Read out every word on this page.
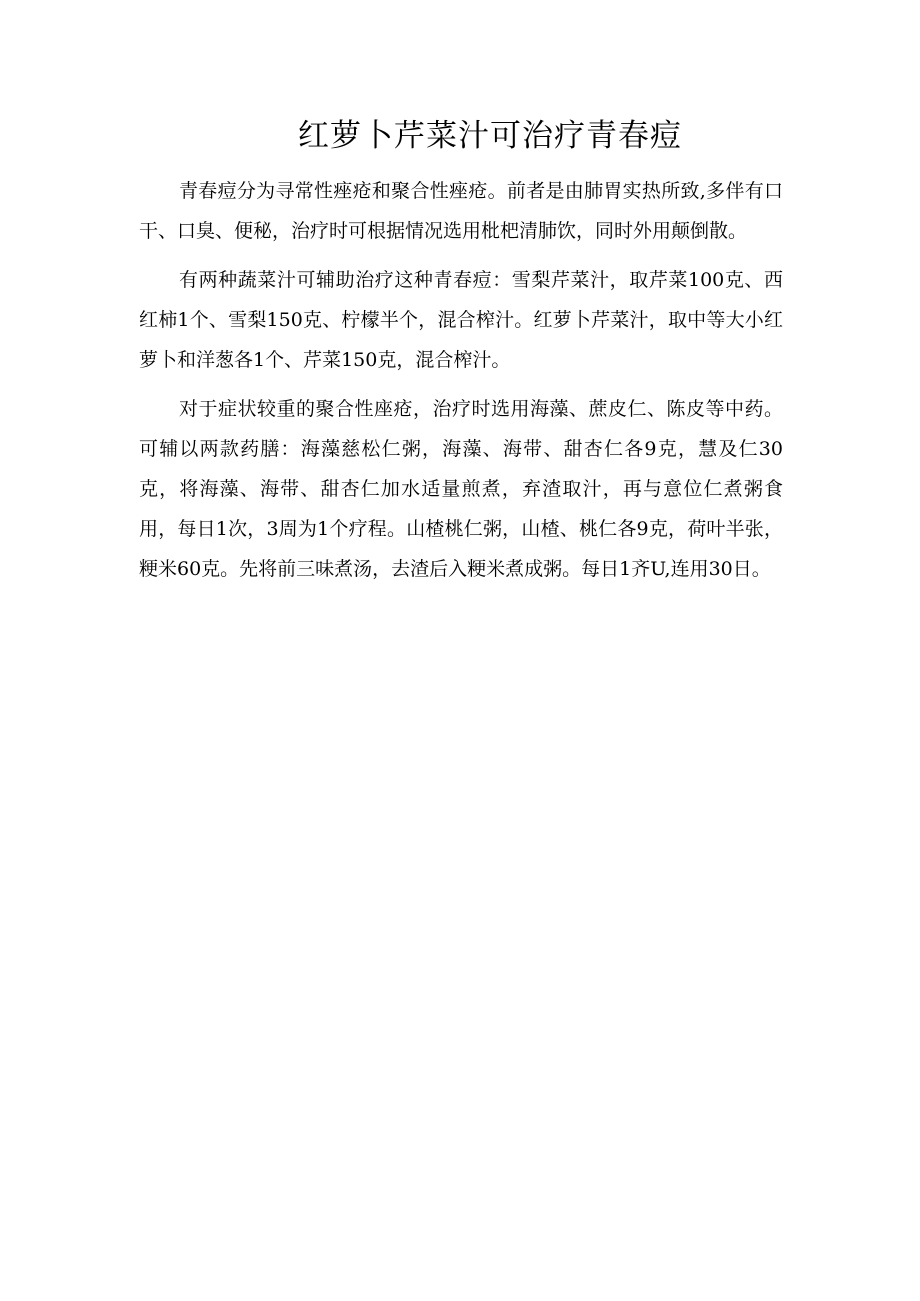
红萝卜芹菜汁可治疗青春痘

青春痘分为寻常性痤疮和聚合性痤疮。前者是由肺胃实热所致,多伴有口干、口臭、便秘，治疗时可根据情况选用枇杷清肺饮，同时外用颠倒散。

有两种蔬菜汁可辅助治疗这种青春痘：雪梨芹菜汁，取芹菜100克、西红柿1个、雪梨150克、柠檬半个，混合榨汁。红萝卜芹菜汁，取中等大小红萝卜和洋葱各1个、芹菜150克，混合榨汁。

对于症状较重的聚合性座疮，治疗时选用海藻、蔗皮仁、陈皮等中药。可辅以两款药膳：海藻慈松仁粥，海藻、海带、甜杏仁各9克，慧及仁30克，将海藻、海带、甜杏仁加水适量煎煮，弃渣取汁，再与意位仁煮粥食用，每日1次，3周为1个疗程。山楂桃仁粥，山楂、桃仁各9克，荷叶半张，粳米60克。先将前三味煮汤，去渣后入粳米煮成粥。每日1齐U,连用30日。
